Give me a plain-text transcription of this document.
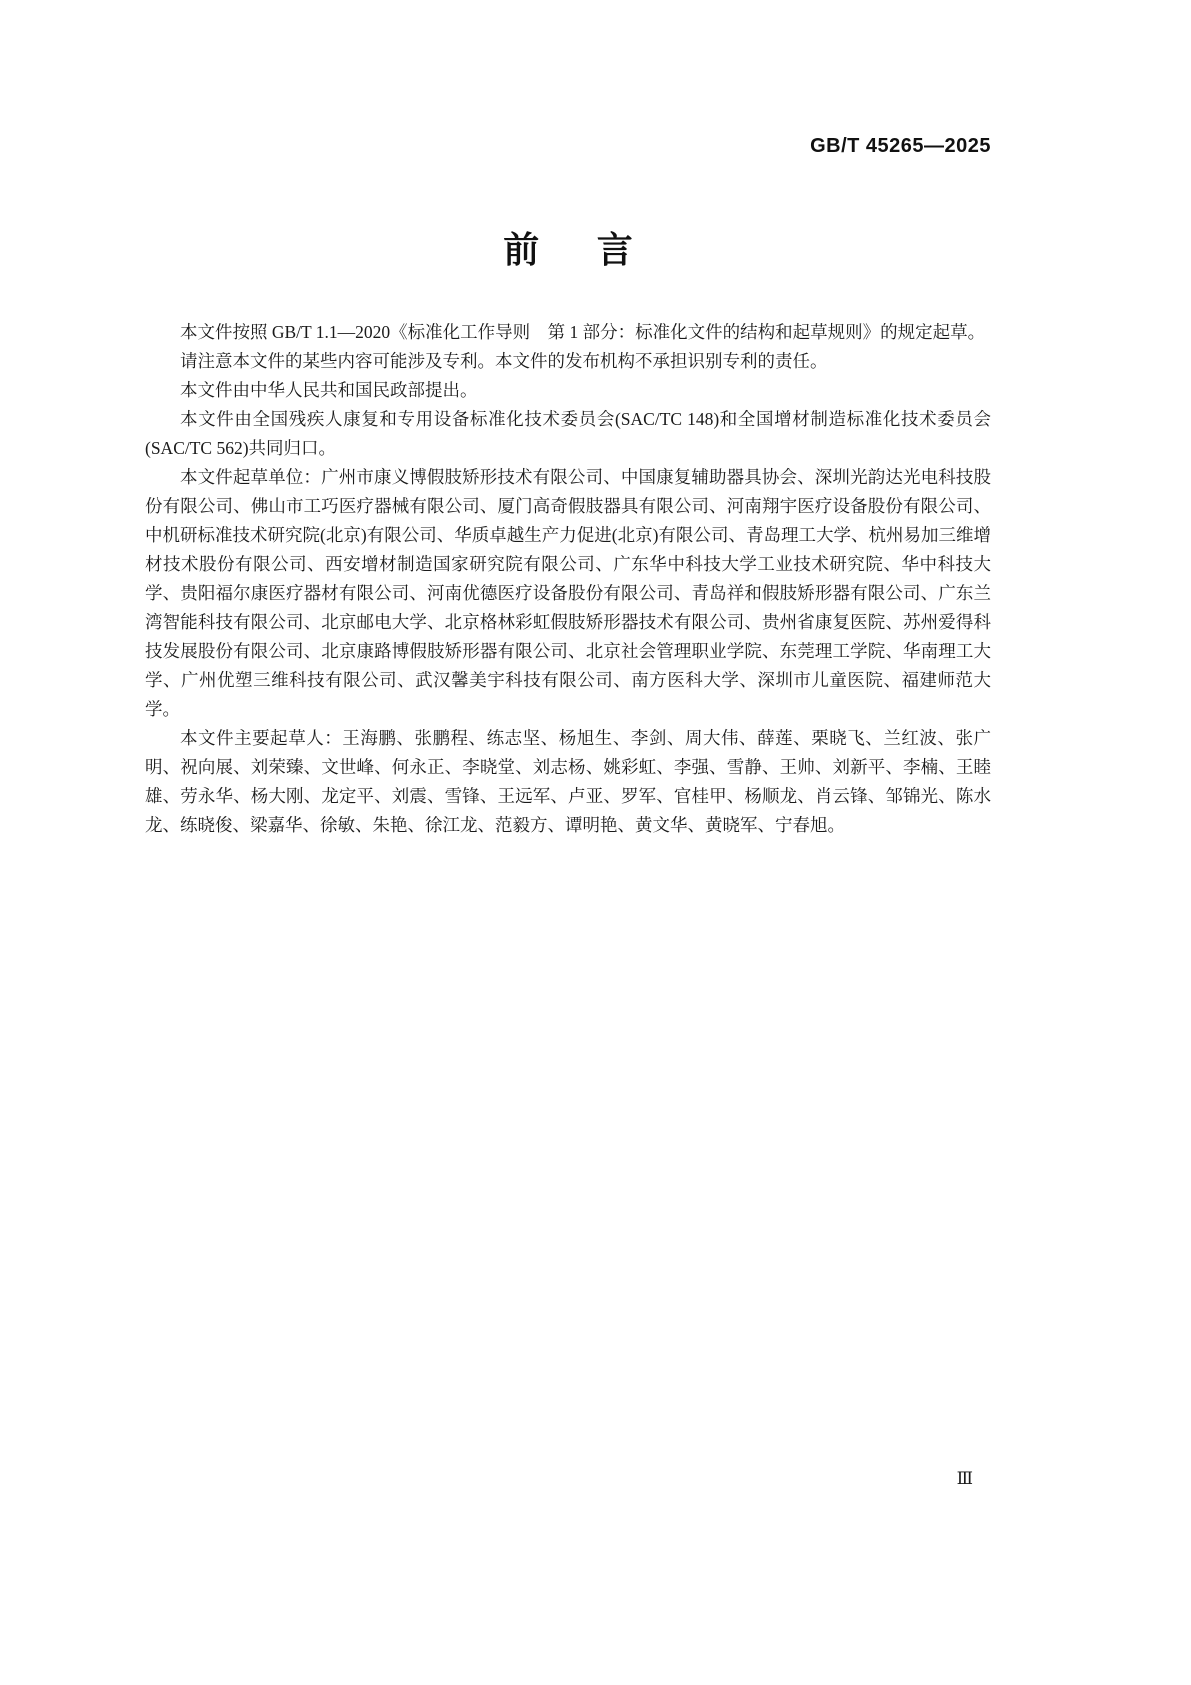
GB/T 45265—2025
前言

本文件按照 GB/T 1.1—2020《标准化工作导则　第 1 部分：标准化文件的结构和起草规则》的规定起草。

请注意本文件的某些内容可能涉及专利。本文件的发布机构不承担识别专利的责任。

本文件由中华人民共和国民政部提出。

本文件由全国残疾人康复和专用设备标准化技术委员会(SAC/TC 148)和全国增材制造标准化技术委员会(SAC/TC 562)共同归口。

本文件起草单位：广州市康义博假肢矫形技术有限公司、中国康复辅助器具协会、深圳光韵达光电科技股份有限公司、佛山市工巧医疗器械有限公司、厦门高奇假肢器具有限公司、河南翔宇医疗设备股份有限公司、中机研标准技术研究院(北京)有限公司、华质卓越生产力促进(北京)有限公司、青岛理工大学、杭州易加三维增材技术股份有限公司、西安增材制造国家研究院有限公司、广东华中科技大学工业技术研究院、华中科技大学、贵阳福尔康医疗器材有限公司、河南优德医疗设备股份有限公司、青岛祥和假肢矫形器有限公司、广东兰湾智能科技有限公司、北京邮电大学、北京格林彩虹假肢矫形器技术有限公司、贵州省康复医院、苏州爱得科技发展股份有限公司、北京康路博假肢矫形器有限公司、北京社会管理职业学院、东莞理工学院、华南理工大学、广州优塑三维科技有限公司、武汉馨美宇科技有限公司、南方医科大学、深圳市儿童医院、福建师范大学。

本文件主要起草人：王海鹏、张鹏程、练志坚、杨旭生、李剑、周大伟、薛莲、栗晓飞、兰红波、张广明、祝向展、刘荣臻、文世峰、何永正、李晓堂、刘志杨、姚彩虹、李强、雪静、王帅、刘新平、李楠、王睦雄、劳永华、杨大刚、龙定平、刘震、雪锋、王远军、卢亚、罗军、官桂甲、杨顺龙、肖云锋、邹锦光、陈水龙、练晓俊、梁嘉华、徐敏、朱艳、徐江龙、范毅方、谭明艳、黄文华、黄晓军、宁春旭。

Ⅲ
